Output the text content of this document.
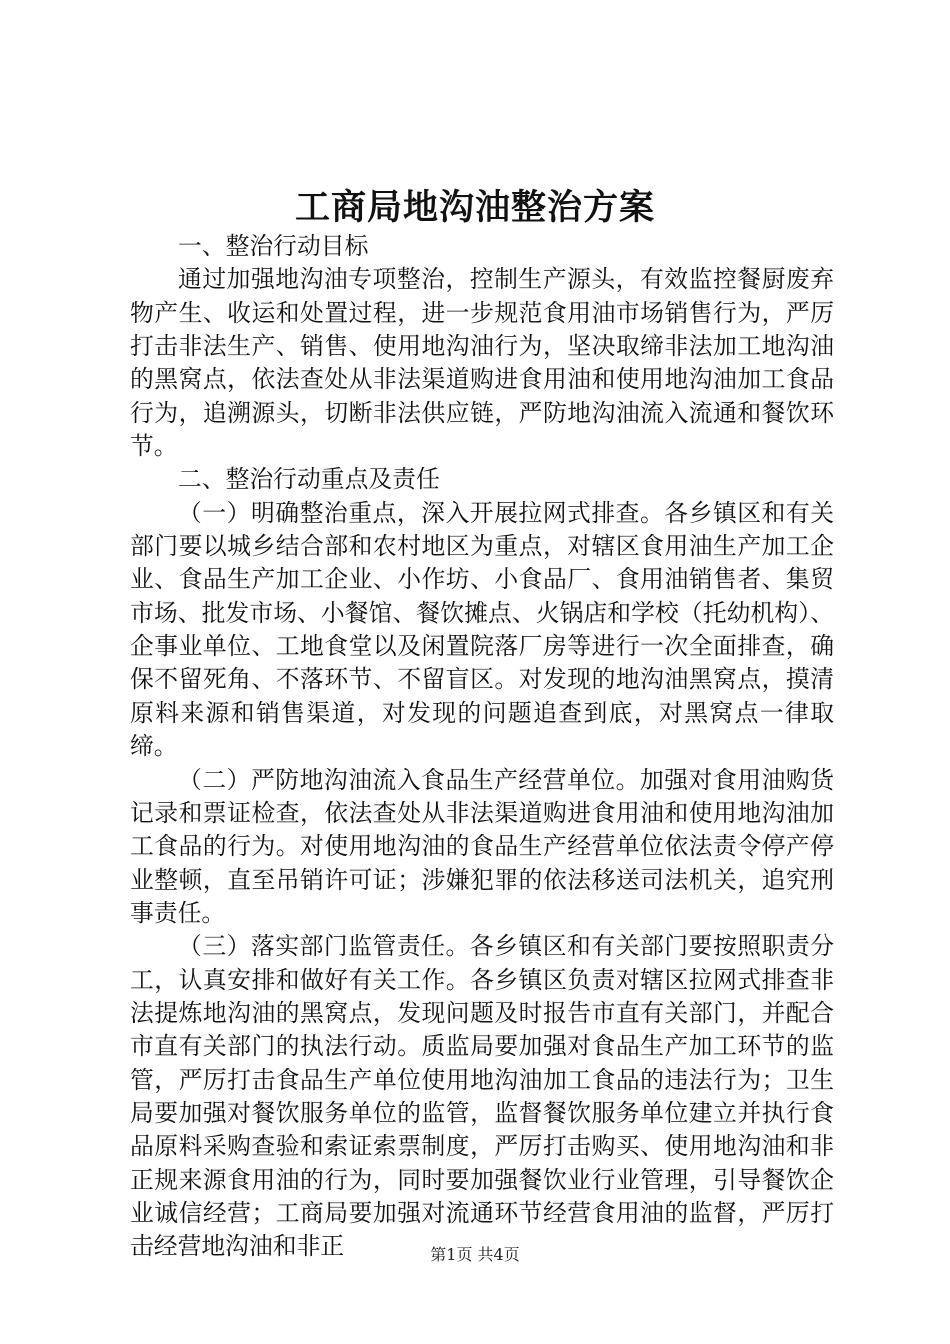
工商局地沟油整治方案

一、整治行动目标

通过加强地沟油专项整治，控制生产源头，有效监控餐厨废弃物产生、收运和处置过程，进一步规范食用油市场销售行为，严厉打击非法生产、销售、使用地沟油行为，坚决取缔非法加工地沟油的黑窝点，依法查处从非法渠道购进食用油和使用地沟油加工食品行为，追溯源头，切断非法供应链，严防地沟油流入流通和餐饮环节。

二、整治行动重点及责任

（一）明确整治重点，深入开展拉网式排查。各乡镇区和有关部门要以城乡结合部和农村地区为重点，对辖区食用油生产加工企业、食品生产加工企业、小作坊、小食品厂、食用油销售者、集贸市场、批发市场、小餐馆、餐饮摊点、火锅店和学校（托幼机构）、企事业单位、工地食堂以及闲置院落厂房等进行一次全面排查，确保不留死角、不落环节、不留盲区。对发现的地沟油黑窝点，摸清原料来源和销售渠道，对发现的问题追查到底，对黑窝点一律取缔。

（二）严防地沟油流入食品生产经营单位。加强对食用油购货记录和票证检查，依法查处从非法渠道购进食用油和使用地沟油加工食品的行为。对使用地沟油的食品生产经营单位依法责令停产停业整顿，直至吊销许可证；涉嫌犯罪的依法移送司法机关，追究刑事责任。

（三）落实部门监管责任。各乡镇区和有关部门要按照职责分工，认真安排和做好有关工作。各乡镇区负责对辖区拉网式排查非法提炼地沟油的黑窝点，发现问题及时报告市直有关部门，并配合市直有关部门的执法行动。质监局要加强对食品生产加工环节的监管，严厉打击食品生产单位使用地沟油加工食品的违法行为；卫生局要加强对餐饮服务单位的监管，监督餐饮服务单位建立并执行食品原料采购查验和索证索票制度，严厉打击购买、使用地沟油和非正规来源食用油的行为，同时要加强餐饮业行业管理，引导餐饮企业诚信经营；工商局要加强对流通环节经营食用油的监督，严厉打击经营地沟油和非正	第1页 共4页
